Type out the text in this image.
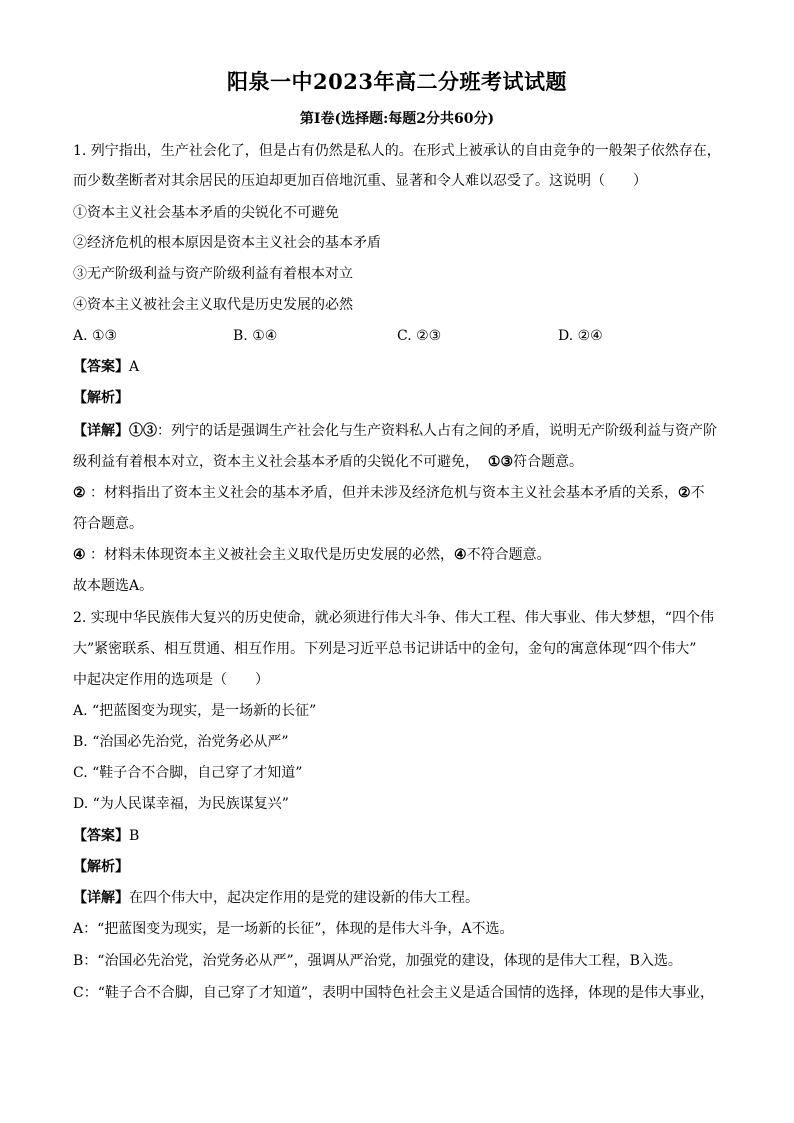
阳泉一中2023年高二分班考试试题
第Ⅰ卷(选择题:每题2分共60分)
1. 列宁指出，生产社会化了，但是占有仍然是私人的。在形式上被承认的自由竞争的一般架子依然存在，
而少数垄断者对其余居民的压迫却更加百倍地沉重、显著和令人难以忍受了。这说明（　　）
①资本主义社会基本矛盾的尖锐化不可避免
②经济危机的根本原因是资本主义社会的基本矛盾
③无产阶级利益与资产阶级利益有着根本对立
④资本主义被社会主义取代是历史发展的必然
A. ①③	B. ①④	C. ②③	D. ②④
【答案】A
【解析】
【详解】①③：列宁的话是强调生产社会化与生产资料私人占有之间的矛盾，说明无产阶级利益与资产阶
级利益有着根本对立，资本主义社会基本矛盾的尖锐化不可避免， ①③符合题意。
② ：材料指出了资本主义社会的基本矛盾，但并未涉及经济危机与资本主义社会基本矛盾的关系，②不
符合题意。
④ ：材料未体现资本主义被社会主义取代是历史发展的必然，④不符合题意。
故本题选A。
2. 实现中华民族伟大复兴的历史使命，就必须进行伟大斗争、伟大工程、伟大事业、伟大梦想，“四个伟
大”紧密联系、相互贯通、相互作用。下列是习近平总书记讲话中的金句，金句的寓意体现“四个伟大”
中起决定作用的选项是（　　）
A. “把蓝图变为现实，是一场新的长征”
B. “治国必先治党，治党务必从严”
C. “鞋子合不合脚，自己穿了才知道”
D. “为人民谋幸福，为民族谋复兴”
【答案】B
【解析】
【详解】在四个伟大中，起决定作用的是党的建设新的伟大工程。
A：“把蓝图变为现实，是一场新的长征”，体现的是伟大斗争，A不选。
B：“治国必先治党，治党务必从严”，强调从严治党，加强党的建设，体现的是伟大工程，B入选。
C：“鞋子合不合脚，自己穿了才知道”，表明中国特色社会主义是适合国情的选择，体现的是伟大事业，
